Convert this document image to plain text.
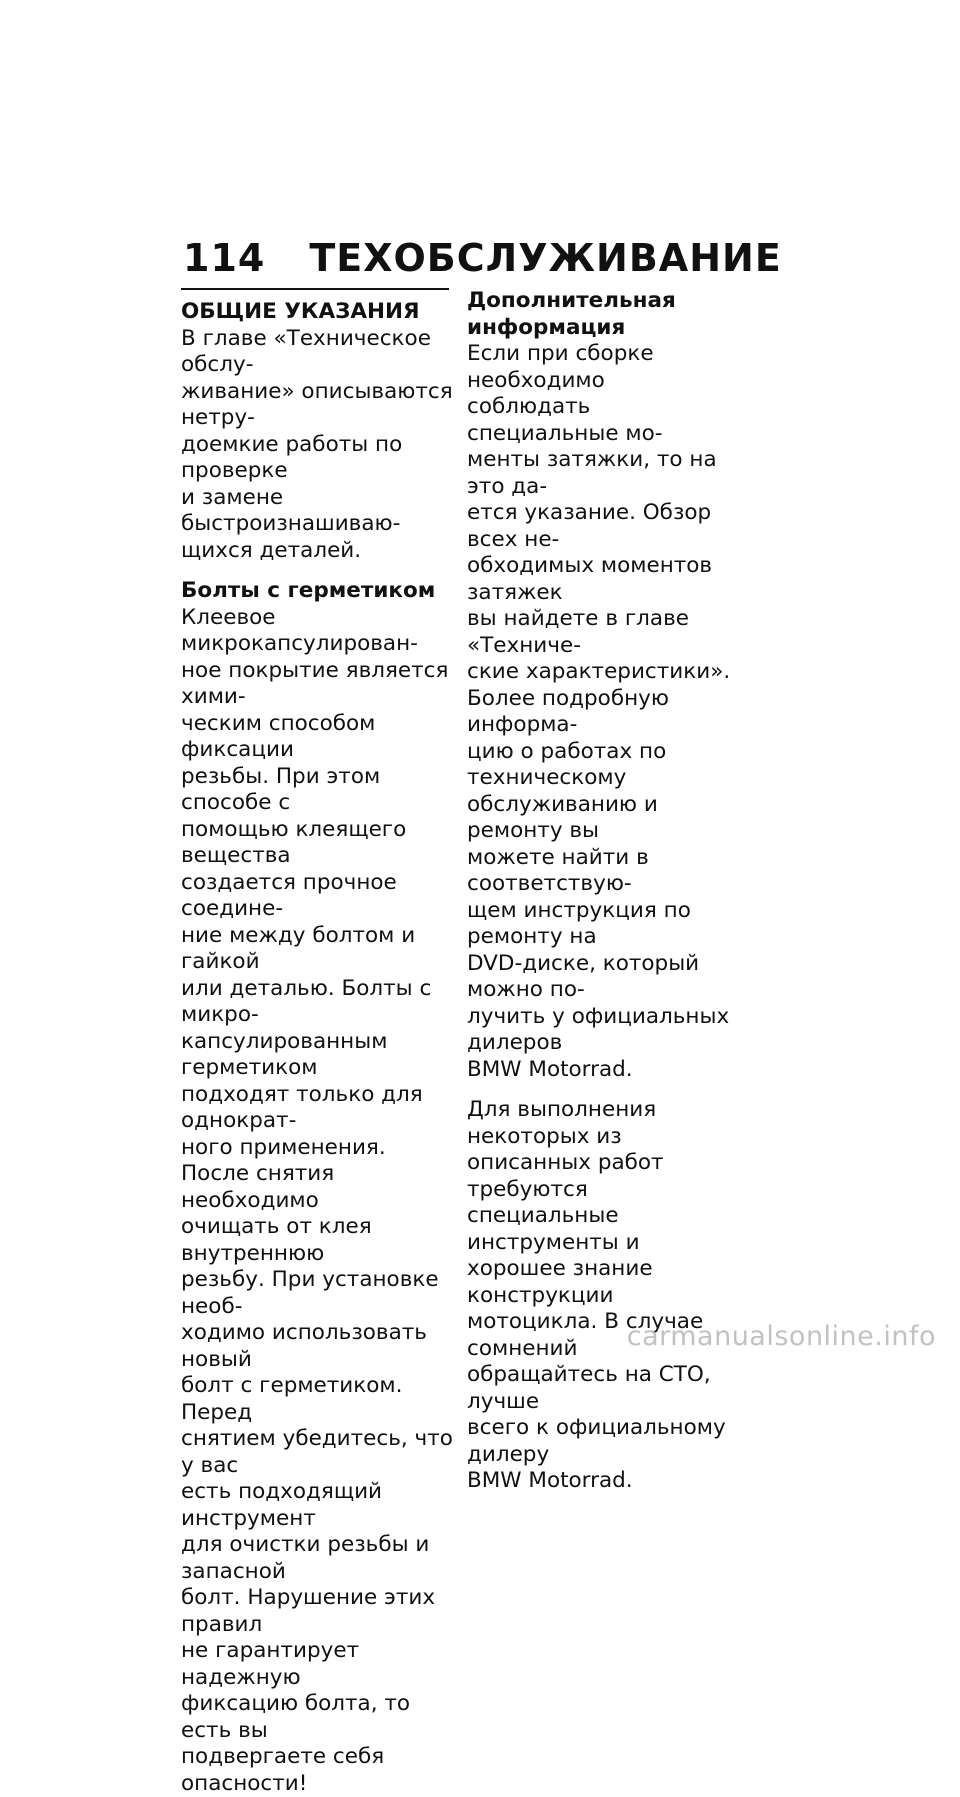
114 ТЕХОБСЛУЖИВАНИЕ
ОБЩИЕ УКАЗАНИЯ

В главе «Техническое обслу-
живание» описываются нетру-
доемкие работы по проверке
и замене быстроизнашиваю-
щихся деталей.

Болты с герметиком

Клеевое микрокапсулирован-
ное покрытие является хими-
ческим способом фиксации
резьбы. При этом способе с
помощью клеящего вещества
создается прочное соедине-
ние между болтом и гайкой
или деталью. Болты с микро-
капсулированным герметиком
подходят только для однократ-
ного применения.

После снятия необходимо
очищать от клея внутреннюю
резьбу. При установке необ-
ходимо использовать новый
болт с герметиком. Перед
снятием убедитесь, что у вас
есть подходящий инструмент
для очистки резьбы и запасной
болт. Нарушение этих правил
не гарантирует надежную
фиксацию болта, то есть вы
подвергаете себя опасности!

Дополнительная
информация

Если при сборке необходимо
соблюдать специальные мо-
менты затяжки, то на это да-
ется указание. Обзор всех не-
обходимых моментов затяжек
вы найдете в главе «Техниче-
ские характеристики».

Более подробную информа-
цию о работах по техническому
обслуживанию и ремонту вы
можете найти в соответствую-
щем инструкция по ремонту на
DVD-диске, который можно по-
лучить у официальных дилеров
BMW Motorrad.

Для выполнения некоторых из
описанных работ требуются
специальные инструменты и
хорошее знание конструкции
мотоцикла. В случае сомнений
обращайтесь на СТО, лучше
всего к официальному дилеру
BMW Motorrad.

carmanualsonline.info
